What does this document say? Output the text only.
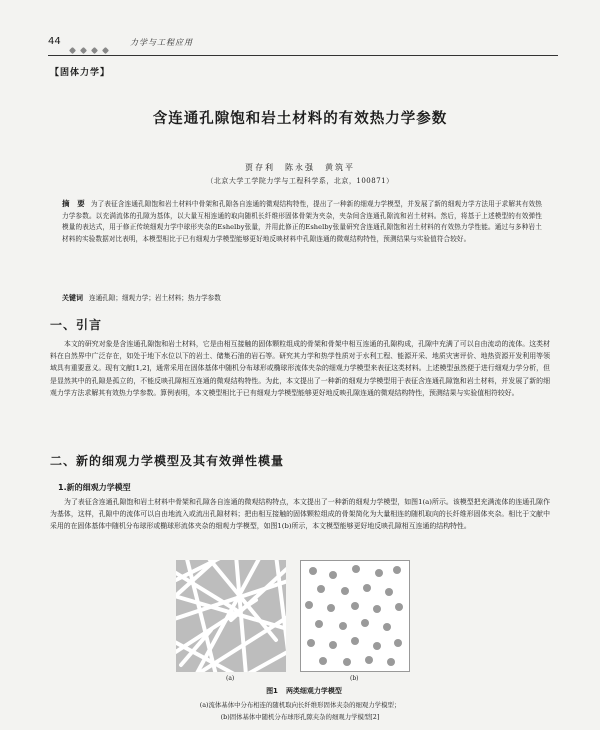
44	力学与工程应用
【固体力学】
含连通孔隙饱和岩土材料的有效热力学参数
贾存利　陈永强　黄筑平
（北京大学工学院力学与工程科学系，北京，100871）
摘　要 为了表征含连通孔隙饱和岩土材料中骨架和孔隙各自连通的微观结构特性，提出了一种新的细观力学模型，并发展了新的细观力学方法用于求解其有效热力学参数。以充满流体的孔隙为基体，以大量互相连通的取向随机长纤维形固体骨架为夹杂，夹杂间含连通孔隙流和岩土材料。然后，将基于上述模型的有效弹性模量的表达式，用于修正传统细观力学中球形夹杂的Eshelby张量，并用此修正的Eshelby张量研究含连通孔隙饱和岩土材料的有效热力学性能。通过与多种岩土材料的实验数据对比表明，本模型相比于已有细观力学模型能够更好地反映材料中孔隙连通的微观结构特性，预测结果与实验值符合较好。
关键词 连通孔隙；细观力学；岩土材料；热力学参数
一、引言
本文的研究对象是含连通孔隙饱和岩土材料，它是由相互接触的固体颗粒组成的骨架和骨架中相互连通的孔隙构成，孔隙中充满了可以自由流动的流体。这类材料在自然界中广泛存在，如处于地下水位以下的岩土、储集石油的岩石等。研究其力学和热学性质对于水利工程、能源开采、地质灾害评价、地热资源开发利用等领域具有重要意义。现有文献[1,2]，通常采用在固体基体中随机分布球形或椭球形流体夹杂的细观力学模型来表征这类材料。上述模型虽然便于进行细观力学分析，但是显然其中的孔隙是孤立的，不能反映孔隙相互连通的微观结构特性。为此，本文提出了一种新的细观力学模型用于表征含连通孔隙饱和岩土材料，并发展了新的细观力学方法求解其有效热力学参数。算例表明，本文模型相比于已有细观力学模型能够更好地反映孔隙连通的微观结构特性，预测结果与实验值相符较好。
二、新的细观力学模型及其有效弹性模量
1.新的细观力学模型
为了表征含连通孔隙饱和岩土材料中骨架和孔隙各自连通的微观结构特点，本文提出了一种新的细观力学模型，如图1(a)所示。该模型把充满流体的连通孔隙作为基体，这样，孔隙中的流体可以自由地流入或流出孔隙材料；把由相互接触的固体颗粒组成的骨架简化为大量相连的随机取向的长纤维形固体夹杂。相比于文献中采用的在固体基体中随机分布球形或椭球形流体夹杂的细观力学模型，如图1(b)所示，本文模型能够更好地反映孔隙相互连通的结构特性。
(a)	(b)
图1 两类细观力学模型
(a)流体基体中分布相连的随机取向长纤维形固体夹杂的细观力学模型；
(b)固体基体中随机分布球形孔隙夹杂的细观力学模型[2]
